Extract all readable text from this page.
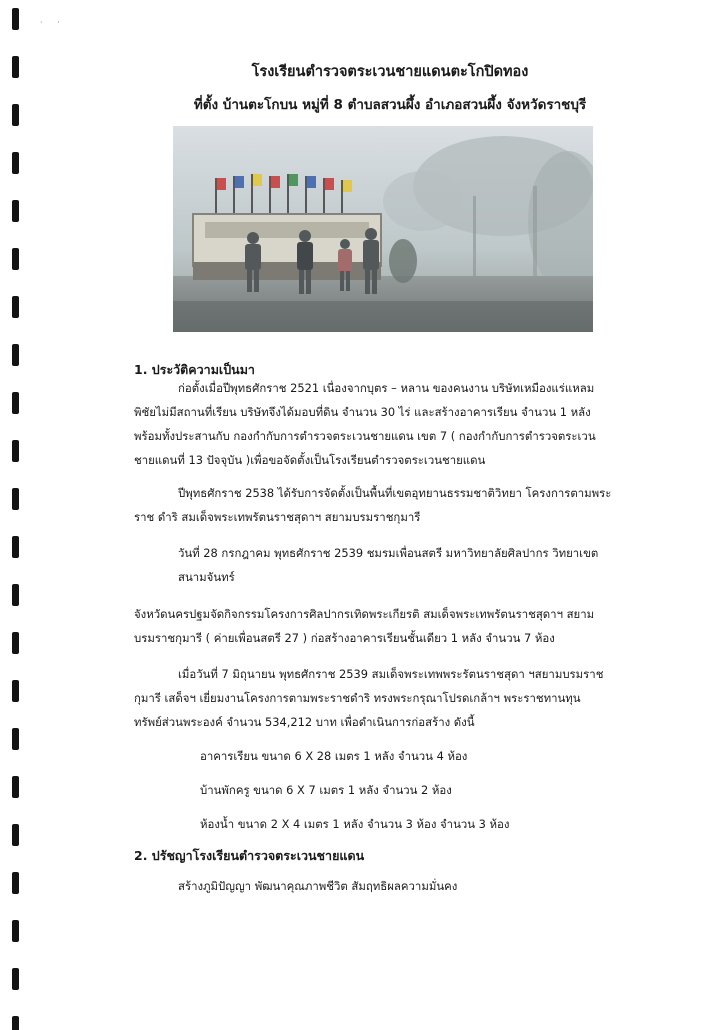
· ·
โรงเรียนตำรวจตระเวนชายแดนตะโกปิดทอง
ที่ตั้ง บ้านตะโกบน หมู่ที่ 8 ตำบลสวนผึ้ง อำเภอสวนผึ้ง จังหวัดราชบุรี
1. ประวัติความเป็นมา
ก่อตั้งเมื่อปีพุทธศักราช 2521 เนื่องจากบุตร – หลาน ของคนงาน บริษัทเหมืองแร่แหลม
พิชัยไม่มีสถานที่เรียน บริษัทจึงได้มอบที่ดิน จำนวน 30 ไร่ และสร้างอาคารเรียน จำนวน 1 หลัง
พร้อมทั้งประสานกับ กองกำกับการตำรวจตระเวนชายแดน เขต 7 ( กองกำกับการตำรวจตระเวน
ชายแดนที่ 13 ปัจจุบัน )เพื่อขอจัดตั้งเป็นโรงเรียนตำรวจตระเวนชายแดน
ปีพุทธศักราช 2538 ได้รับการจัดตั้งเป็นพื้นที่เขตอุทยานธรรมชาติวิทยา โครงการตามพระ
ราช ดำริ สมเด็จพระเทพรัตนราชสุดาฯ สยามบรมราชกุมารี
วันที่ 28 กรกฎาคม พุทธศักราช 2539 ชมรมเพื่อนสตรี มหาวิทยาลัยศิลปากร วิทยาเขต
สนามจันทร์
จังหวัดนครปฐมจัดกิจกรรมโครงการศิลปากรเทิดพระเกียรติ สมเด็จพระเทพรัตนราชสุดาฯ สยาม
บรมราชกุมารี ( ค่ายเพื่อนสตรี 27 ) ก่อสร้างอาคารเรียนชั้นเดียว 1 หลัง จำนวน 7 ห้อง
เมื่อวันที่ 7 มิถุนายน พุทธศักราช 2539 สมเด็จพระเทพพระรัตนราชสุดา ฯสยามบรมราช
กุมารี เสด็จฯ เยี่ยมงานโครงการตามพระราชดำริ ทรงพระกรุณาโปรดเกล้าฯ พระราชทานทุน
ทรัพย์ส่วนพระองค์ จำนวน 534,212 บาท เพื่อดำเนินการก่อสร้าง ดังนี้
อาคารเรียน ขนาด 6 X 28 เมตร 1 หลัง จำนวน 4 ห้อง
บ้านพักครู ขนาด 6 X 7 เมตร 1 หลัง จำนวน 2 ห้อง
ห้องน้ำ ขนาด 2 X 4 เมตร 1 หลัง จำนวน 3 ห้อง จำนวน 3 ห้อง
2. ปรัชญาโรงเรียนตำรวจตระเวนชายแดน
สร้างภูมิปัญญา พัฒนาคุณภาพชีวิต สัมฤทธิผลความมั่นคง
